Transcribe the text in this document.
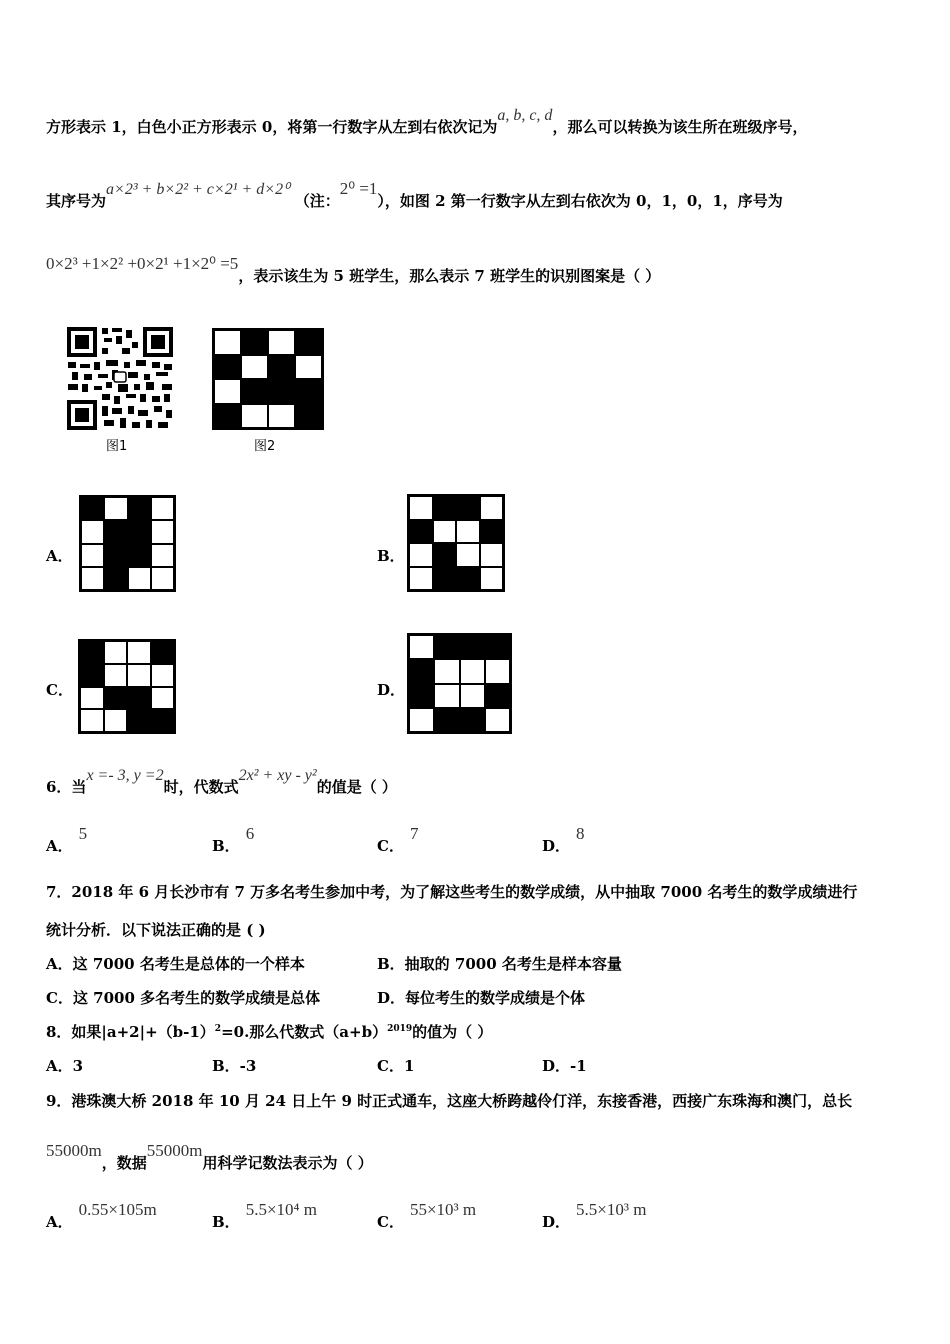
方形表示 1，白色小正方形表示 0，将第一行数字从左到右依次记为a, b, c, d，那么可以转换为该生所在班级序号，
其序号为a×2³ + b×2² + c×2¹ + d×2⁰ （注：2⁰ =1），如图 2 第一行数字从左到右依次为 0，1，0，1，序号为
0×2³ +1×2² +0×2¹ +1×2⁰ =5，表示该生为 5 班学生，那么表示 7 班学生的识别图案是（ ）
图1	图2
A．	B．
C．	D．
6．当x =- 3, y =2时，代数式2x² + xy - y²的值是（ ）
A．5
B．6
C．7
D．8
7．2018 年 6 月长沙市有 7 万多名考生参加中考，为了解这些考生的数学成绩，从中抽取 7000 名考生的数学成绩进行
统计分析．以下说法正确的是 ( )
A．这 7000 名考生是总体的一个样本	B．抽取的 7000 名考生是样本容量
C．这 7000 多名考生的数学成绩是总体	D．每位考生的数学成绩是个体
8．如果$|a+2|+(b-1)^2=0$.那么代数式$(a+b)^{2019}$的值为（ ）
A．3	B．-3	C．1	D．-1
9．港珠澳大桥 2018 年 10 月 24 日上午 9 时正式通车，这座大桥跨越伶仃洋，东接香港，西接广东珠海和澳门，总长
55000m，数据55000m用科学记数法表示为（ ）
A．0.55×105m
B．5.5×10⁴ m
C．55×10³ m
D．5.5×10³ m
